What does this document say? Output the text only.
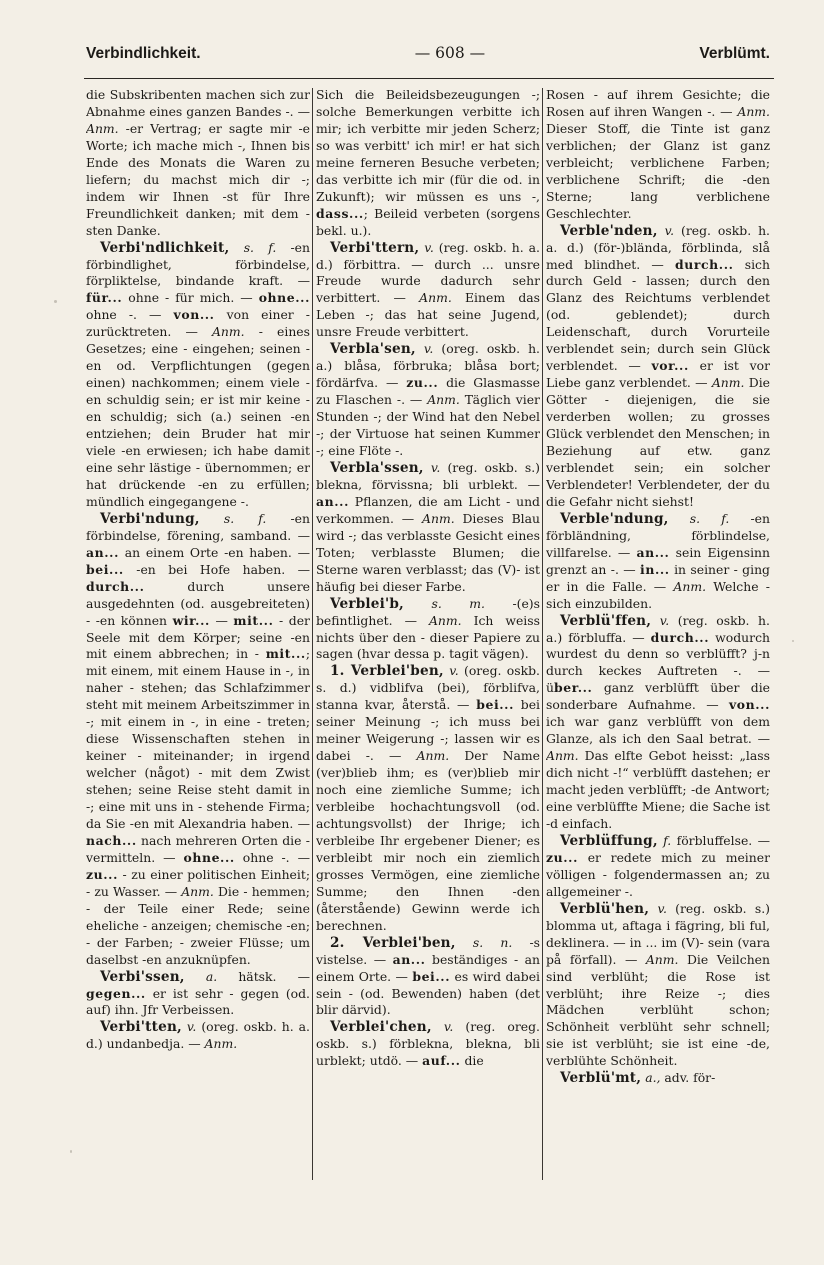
Verbindlichkeit.	— 608 —	Verblümt.

die Subskribenten machen sich zur Abnahme eines ganzen Bandes -. — Anm. -er Vertrag; er sagte mir -e Worte; ich mache mich -, Ihnen bis Ende des Monats die Waren zu liefern; du machst mich dir -; indem wir Ihnen -st für Ihre Freundlichkeit danken; mit dem -sten Danke.

Verbi'ndlichkeit, s. f. -en förbindlighet, förbindelse, förpliktelse, bindande kraft. — für... ohne - für mich. — ohne... ohne -. — von... von einer - zurücktreten. — Anm. - eines Gesetzes; eine - eingehen; seinen -en od. Verpflichtungen (gegen einen) nachkommen; einem viele -en schuldig sein; er ist mir keine -en schuldig; sich (a.) seinen -en entziehen; dein Bruder hat mir viele -en erwiesen; ich habe damit eine sehr lästige - übernommen; er hat drückende -en zu erfüllen; mündlich eingegangene -.

Verbi'ndung, s. f. -en förbindelse, förening, samband. — an... an einem Orte -en haben. — bei... -en bei Hofe haben. — durch... durch unsere ausgedehnten (od. ausgebreiteten) - -en können wir... — mit... - der Seele mit dem Körper; seine -en mit einem abbrechen; in - mit...; mit einem, mit einem Hause in -, in naher - stehen; das Schlafzimmer steht mit meinem Arbeitszimmer in -; mit einem in -, in eine - treten; diese Wissenschaften stehen in keiner - miteinander; in irgend welcher (något) - mit dem Zwist stehen; seine Reise steht damit in -; eine mit uns in - stehende Firma; da Sie -en mit Alexandria haben. — nach... nach mehreren Orten die - vermitteln. — ohne... ohne -. — zu... - zu einer politischen Einheit; - zu Wasser. — Anm. Die - hemmen; - der Teile einer Rede; seine eheliche - anzeigen; chemische -en; - der Farben; - zweier Flüsse; um daselbst -en anzuknüpfen.

Verbi'ssen, a. hätsk. — gegen... er ist sehr - gegen (od. auf) ihn. Jfr Verbeissen.

Verbi'tten, v. (oreg. oskb. h. a. d.) undanbedja. — Anm.

Sich die Beileidsbezeugungen -; solche Bemerkungen verbitte ich mir; ich verbitte mir jeden Scherz; so was verbitt' ich mir! er hat sich meine ferneren Besuche verbeten; das verbitte ich mir (für die od. in Zukunft); wir müssen es uns -, dass...; Beileid verbeten (sorgens bekl. u.).

Verbi'ttern, v. (reg. oskb. h. a. d.) förbittra. — durch ... unsre Freude wurde dadurch sehr verbittert. — Anm. Einem das Leben -; das hat seine Jugend, unsre Freude verbittert.

Verbla'sen, v. (oreg. oskb. h. a.) blåsa, förbruka; blåsa bort; fördärfva. — zu... die Glasmasse zu Flaschen -. — Anm. Täglich vier Stunden -; der Wind hat den Nebel -; der Virtuose hat seinen Kummer -; eine Flöte -.

Verbla'ssen, v. (reg. oskb. s.) blekna, förvissna; bli urblekt. — an... Pflanzen, die am Licht - und verkommen. — Anm. Dieses Blau wird -; das verblasste Gesicht eines Toten; verblasste Blumen; die Sterne waren verblasst; das (V)- ist häufig bei dieser Farbe.

Verblei'b, s. m. -(e)s befintlighet. — Anm. Ich weiss nichts über den - dieser Papiere zu sagen (hvar dessa p. tagit vägen).

1. Verblei'ben, v. (oreg. oskb. s. d.) vidblifva (bei), förblifva, stanna kvar, återstå. — bei... bei seiner Meinung -; ich muss bei meiner Weigerung -; lassen wir es dabei -. — Anm. Der Name (ver)blieb ihm; es (ver)blieb mir noch eine ziemliche Summe; ich verbleibe hochachtungsvoll (od. achtungsvollst) der Ihrige; ich verbleibe Ihr ergebener Diener; es verbleibt mir noch ein ziemlich grosses Vermögen, eine ziemliche Summe; den Ihnen -den (återstående) Gewinn werde ich berechnen.

2. Verblei'ben, s. n. -s vistelse. — an... beständiges - an einem Orte. — bei... es wird dabei sein - (od. Bewenden) haben (det blir därvid).

Verblei'chen, v. (reg. oreg. oskb. s.) förblekna, blekna, bli urblekt; utdö. — auf... die

Rosen - auf ihrem Gesichte; die Rosen auf ihren Wangen -. — Anm. Dieser Stoff, die Tinte ist ganz verblichen; der Glanz ist ganz verbleicht; verblichene Farben; verblichene Schrift; die -den Sterne; lang verblichene Geschlechter.

Verble'nden, v. (reg. oskb. h. a. d.) (för-)blända, förblinda, slå med blindhet. — durch... sich durch Geld - lassen; durch den Glanz des Reichtums verblendet (od. geblendet); durch Leidenschaft, durch Vorurteile verblendet sein; durch sein Glück verblendet. — vor... er ist vor Liebe ganz verblendet. — Anm. Die Götter - diejenigen, die sie verderben wollen; zu grosses Glück verblendet den Menschen; in Beziehung auf etw. ganz verblendet sein; ein solcher Verblendeter! Verblendeter, der du die Gefahr nicht siehst!

Verble'ndung, s. f. -en förbländning, förblindelse, villfarelse. — an... sein Eigensinn grenzt an -. — in... in seiner - ging er in die Falle. — Anm. Welche - sich einzubilden.

Verblü'ffen, v. (reg. oskb. h. a.) förbluffa. — durch... wodurch wurdest du denn so verblüfft? j-n durch keckes Auftreten -. — über... ganz verblüfft über die sonderbare Aufnahme. — von... ich war ganz verblüfft von dem Glanze, als ich den Saal betrat. — Anm. Das elfte Gebot heisst: „lass dich nicht -!“ verblüfft dastehen; er macht jeden verblüfft; -de Antwort; eine verblüffte Miene; die Sache ist -d einfach.

Verblüffung, f. förbluffelse. — zu... er redete mich zu meiner völligen - folgendermassen an; zu allgemeiner -.

Verblü'hen, v. (reg. oskb. s.) blomma ut, aftaga i fägring, bli ful, deklinera. — in ... im (V)- sein (vara på förfall). — Anm. Die Veilchen sind verblüht; die Rose ist verblüht; ihre Reize -; dies Mädchen verblüht schon; Schönheit verblüht sehr schnell; sie ist verblüht; sie ist eine -de, verblühte Schönheit.

Verblü'mt, a., adv. för-
